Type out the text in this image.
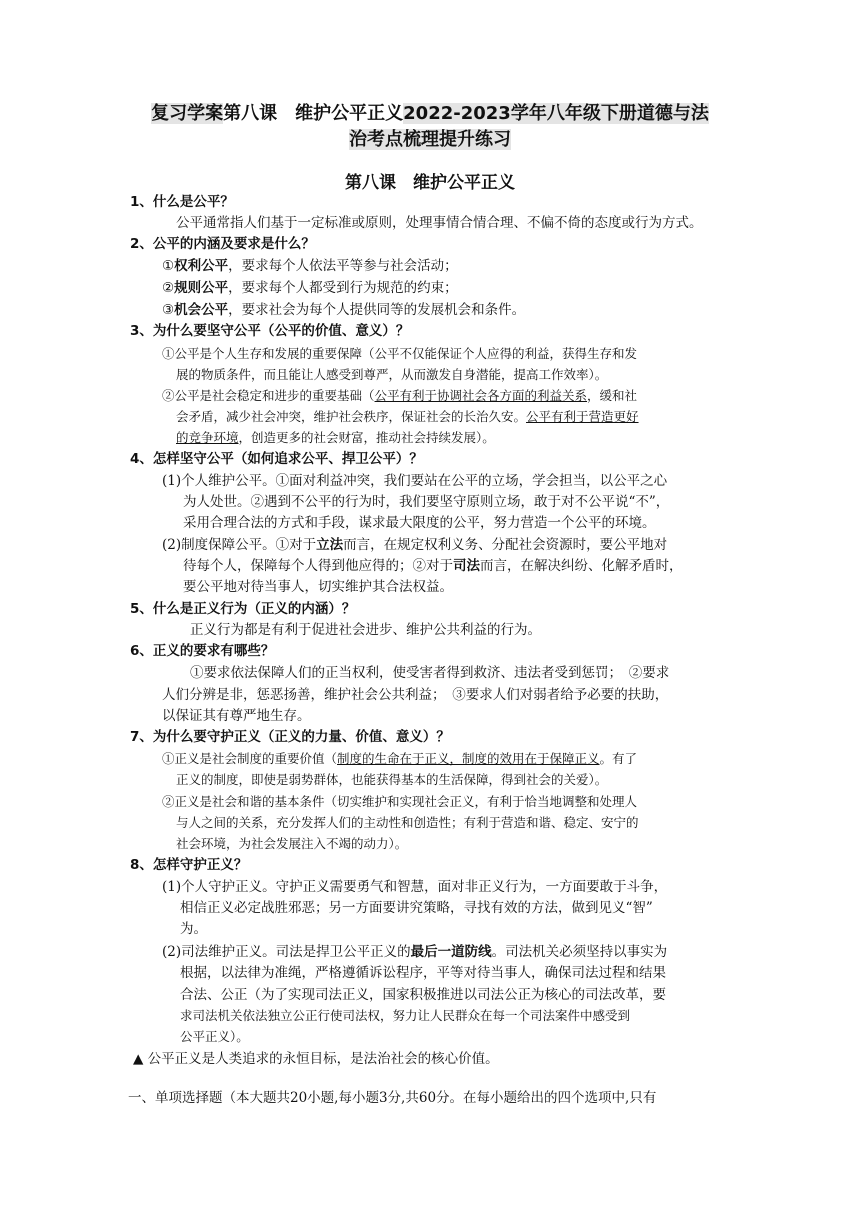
复习学案第八课　维护公平正义2022-2023学年八年级下册道德与法
治考点梳理提升练习
第八课　维护公平正义
1、什么是公平？
公平通常指人们基于一定标准或原则，处理事情合情合理、不偏不倚的态度或行为方式。
2、公平的内涵及要求是什么？
①权利公平，要求每个人依法平等参与社会活动；
②规则公平，要求每个人都受到行为规范的约束；
③机会公平，要求社会为每个人提供同等的发展机会和条件。
3、为什么要坚守公平（公平的价值、意义）？
①公平是个人生存和发展的重要保障（公平不仅能保证个人应得的利益，获得生存和发
展的物质条件，而且能让人感受到尊严，从而激发自身潜能，提高工作效率）。
②公平是社会稳定和进步的重要基础（公平有利于协调社会各方面的利益关系，缓和社
会矛盾，减少社会冲突，维护社会秩序，保证社会的长治久安。公平有利于营造更好
的竞争环境，创造更多的社会财富，推动社会持续发展）。
4、怎样坚守公平（如何追求公平、捍卫公平）？
(1)个人维护公平。①面对利益冲突，我们要站在公平的立场，学会担当，以公平之心
为人处世。②遇到不公平的行为时，我们要坚守原则立场，敢于对不公平说“不”，
采用合理合法的方式和手段，谋求最大限度的公平，努力营造一个公平的环境。
(2)制度保障公平。①对于立法而言，在规定权利义务、分配社会资源时，要公平地对
待每个人，保障每个人得到他应得的；②对于司法而言，在解决纠纷、化解矛盾时，
要公平地对待当事人，切实维护其合法权益。
5、什么是正义行为（正义的内涵）？
正义行为都是有利于促进社会进步、维护公共利益的行为。
6、正义的要求有哪些？
①要求依法保障人们的正当权利，使受害者得到救济、违法者受到惩罚；　②要求
人们分辨是非，惩恶扬善，维护社会公共利益；　③要求人们对弱者给予必要的扶助，
以保证其有尊严地生存。
7、为什么要守护正义（正义的力量、价值、意义）？
①正义是社会制度的重要价值（制度的生命在于正义，制度的效用在于保障正义。有了
正义的制度，即使是弱势群体，也能获得基本的生活保障，得到社会的关爱）。
②正义是社会和谐的基本条件（切实维护和实现社会正义，有利于恰当地调整和处理人
与人之间的关系，充分发挥人们的主动性和创造性；有利于营造和谐、稳定、安宁的
社会环境，为社会发展注入不竭的动力）。
8、怎样守护正义？
(1)个人守护正义。守护正义需要勇气和智慧，面对非正义行为，一方面要敢于斗争，
相信正义必定战胜邪恶；另一方面要讲究策略，寻找有效的方法，做到见义“智”
为。
(2)司法维护正义。司法是捍卫公平正义的最后一道防线。司法机关必须坚持以事实为
根据，以法律为准绳，严格遵循诉讼程序，平等对待当事人，确保司法过程和结果
合法、公正（为了实现司法正义，国家积极推进以司法公正为核心的司法改革，要
求司法机关依法独立公正行使司法权，努力让人民群众在每一个司法案件中感受到
公平正义）。
▲ 公平正义是人类追求的永恒目标，是法治社会的核心价值。
一、单项选择题（本大题共20小题,每小题3分,共60分。在每小题给出的四个选项中,只有
